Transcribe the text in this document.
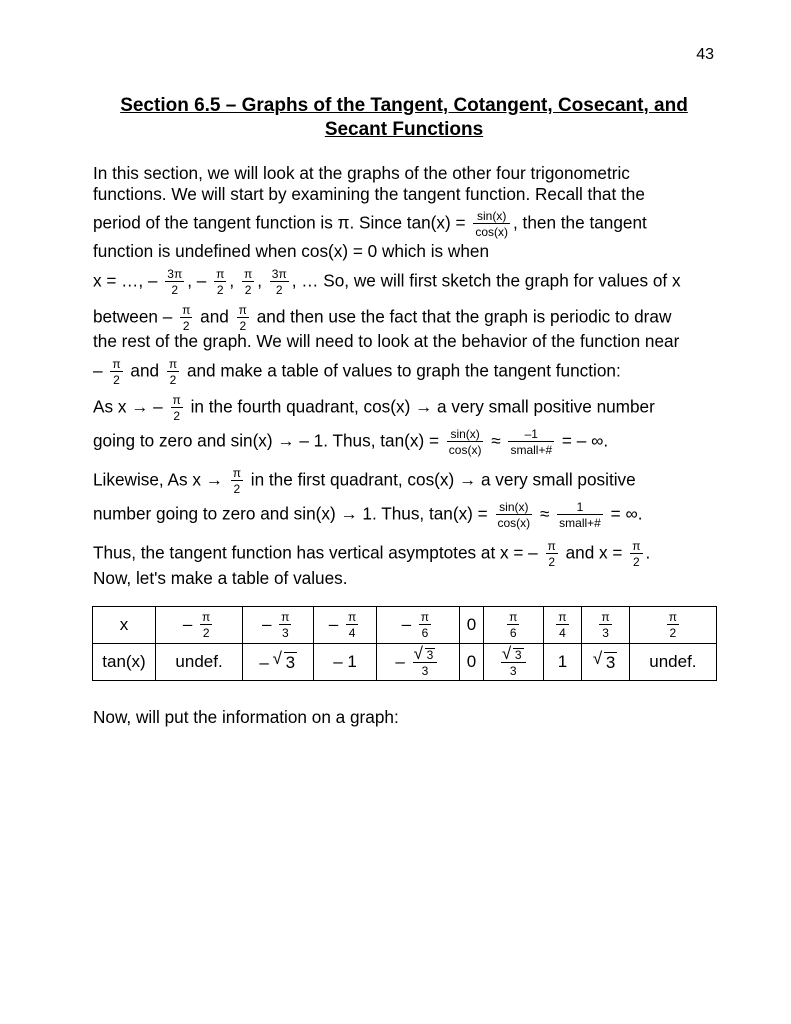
43
Section 6.5 – Graphs of the Tangent, Cotangent, Cosecant, and
Secant Functions
In this section, we will look at the graphs of the other four trigonometric
functions. We will start by examining the tangent function. Recall that the
period of the tangent function is π. Since $\tan(x) = \frac{\sin(x)}{\cos(x)}$ , then the tangent
function is undefined when cos(x) = 0 which is when
x = …, – $\frac{3\pi}{2}$ , – $\frac{\pi}{2}$ , $\frac{\pi}{2}$ , $\frac{3\pi}{2}$ , … So, we will first sketch the graph for values of x
between – $\frac{\pi}{2}$ and $\frac{\pi}{2}$ and then use the fact that the graph is periodic to draw
the rest of the graph. We will need to look at the behavior of the function near
– $\frac{\pi}{2}$ and $\frac{\pi}{2}$ and make a table of values to graph the tangent function:
As x → – $\frac{\pi}{2}$ in the fourth quadrant, cos(x) → a very small positive number
going to zero and sin(x) → – 1. Thus, $\tan(x) = \frac{\sin(x)}{\cos(x)} \approx \frac{-1}{\text{small+\#}}$ = – ∞.
Likewise, As $x \to \frac{\pi}{2}$ in the first quadrant, cos(x) → a very small positive
number going to zero and sin(x) → 1. Thus, $\tan(x) = \frac{\sin(x)}{\cos(x)} \approx \frac{1}{\text{small+\#}}$ = ∞.
Thus, the tangent function has vertical asymptotes at x = – $\frac{\pi}{2}$ and $x = \frac{\pi}{2}$ .
Now, let's make a table of values.
x	– $\frac{\pi}{2}$	– $\frac{\pi}{3}$	– $\frac{\pi}{4}$	– $\frac{\pi}{6}$	0	$\frac{\pi}{6}$	$\frac{\pi}{4}$	$\frac{\pi}{3}$	$\frac{\pi}{2}$

tan(x)	undef.	– √ 3	– 1	– √ $\frac{3}{3}$	0	√ $\frac{3}{3}$	1	√ 3	undef.
Now, will put the information on a graph:
